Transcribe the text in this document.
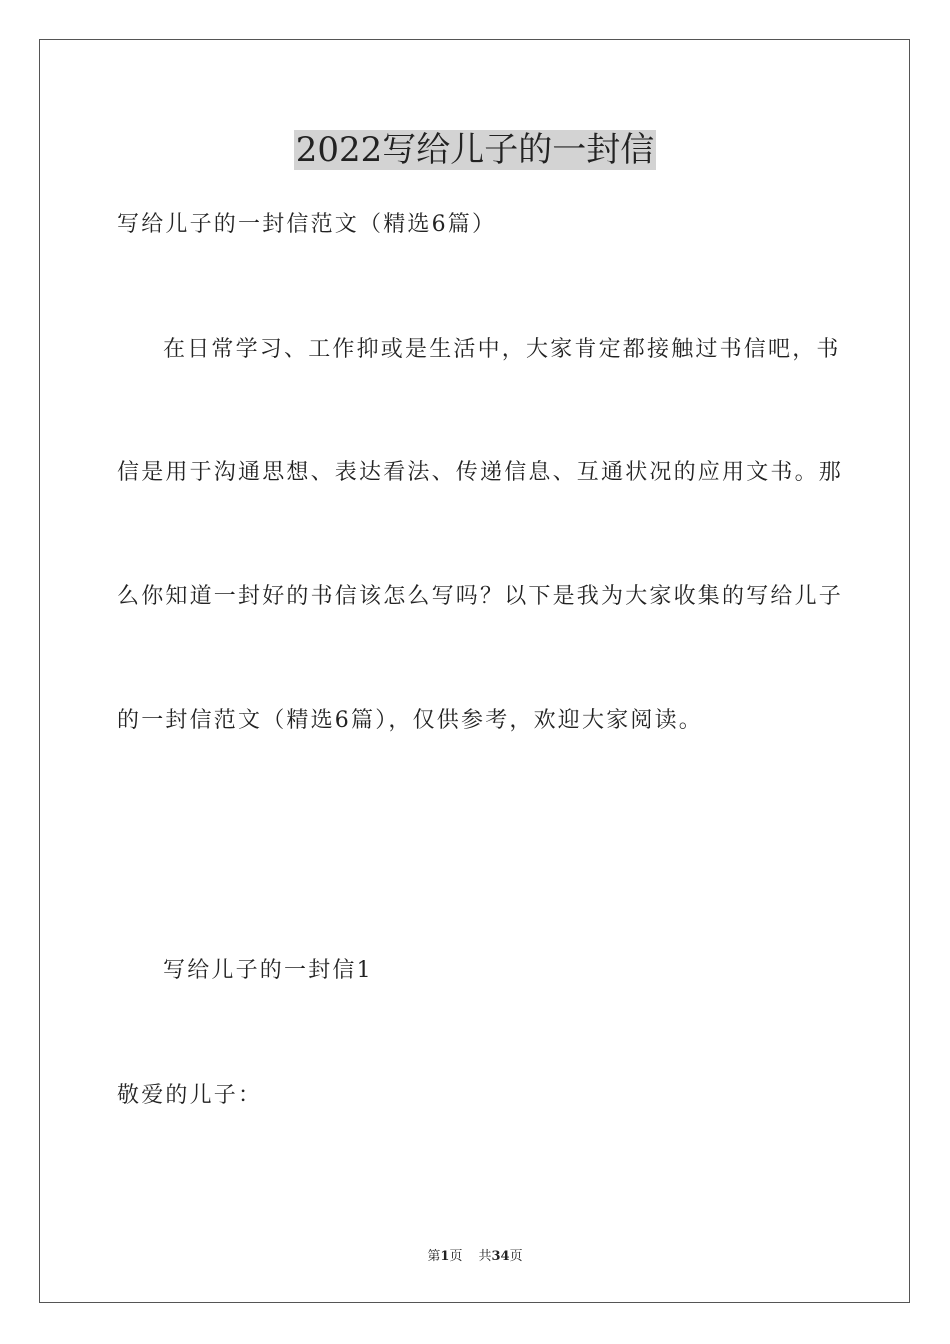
2022写给儿子的一封信
写给儿子的一封信范文（精选6篇）
在日常学习、工作抑或是生活中，大家肯定都接触过书信吧，书
信是用于沟通思想、表达看法、传递信息、互通状况的应用文书。那
么你知道一封好的书信该怎么写吗？以下是我为大家收集的写给儿子
的一封信范文（精选6篇），仅供参考，欢迎大家阅读。
写给儿子的一封信1
敬爱的儿子：
第1页 共34页
